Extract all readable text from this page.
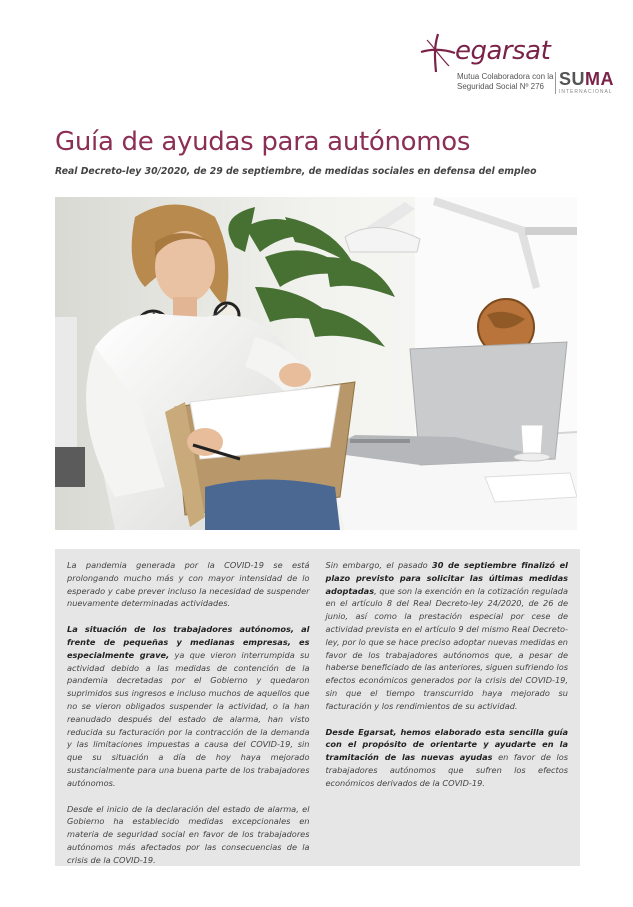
egarsat
Mutua Colaboradora con la
Seguridad Social Nº 276 SUMA
INTERNACIONAL
Guía de ayudas para autónomos
Real Decreto-ley 30/2020, de 29 de septiembre, de medidas sociales en defensa del empleo

La pandemia generada por la COVID-19 se está prolongando mucho más y con mayor intensidad de lo esperado y cabe prever incluso la necesidad de suspender nuevamente determinadas actividades.

La situación de los trabajadores autónomos, al frente de pequeñas y medianas empresas, es especialmente grave, ya que vieron interrumpida su actividad debido a las medidas de contención de la pandemia decretadas por el Gobierno y quedaron suprimidos sus ingresos e incluso muchos de aquellos que no se vieron obligados suspender la actividad, o la han reanudado después del estado de alarma, han visto reducida su facturación por la contracción de la demanda y las limitaciones impuestas a causa del COVID-19, sin que su situación a día de hoy haya mejorado sustancialmente para una buena parte de los trabajadores autónomos.

Desde el inicio de la declaración del estado de alarma, el Gobierno ha establecido medidas excepcionales en materia de seguridad social en favor de los trabajadores autónomos más afectados por las consecuencias de la crisis de la COVID-19.

Sin embargo, el pasado 30 de septiembre finalizó el plazo previsto para solicitar las últimas medidas adoptadas, que son la exención en la cotización regulada en el artículo 8 del Real Decreto-ley 24/2020, de 26 de junio, así como la prestación especial por cese de actividad prevista en el artículo 9 del mismo Real Decreto-ley, por lo que se hace preciso adoptar nuevas medidas en favor de los trabajadores autónomos que, a pesar de haberse beneficiado de las anteriores, siguen sufriendo los efectos económicos generados por la crisis del COVID-19, sin que el tiempo transcurrido haya mejorado su facturación y los rendimientos de su actividad.

Desde Egarsat, hemos elaborado esta sencilla guía con el propósito de orientarte y ayudarte en la tramitación de las nuevas ayudas en favor de los trabajadores autónomos que sufren los efectos económicos derivados de la COVID-19.
